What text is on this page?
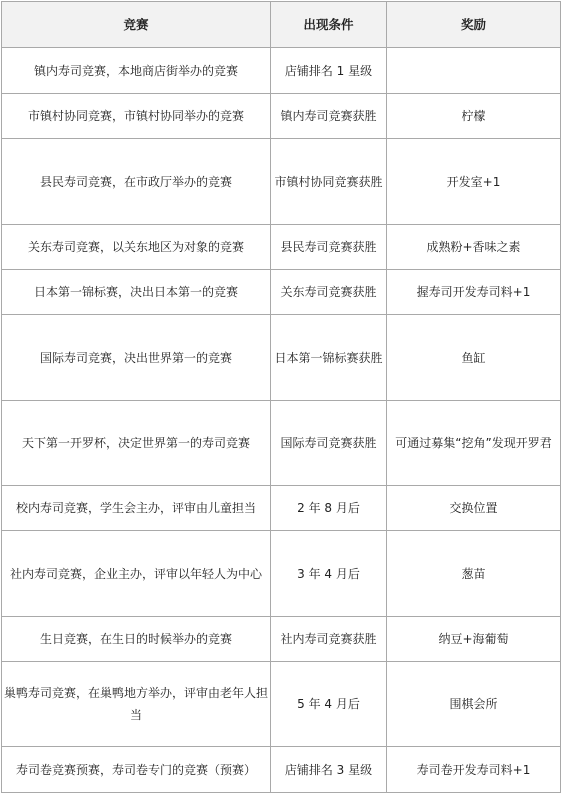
竞赛	出现条件	奖励
镇内寿司竞赛，本地商店街举办的竞赛	店铺排名 1 星级	
市镇村协同竞赛，市镇村协同举办的竞赛	镇内寿司竞赛获胜	柠檬
县民寿司竞赛，在市政厅举办的竞赛	市镇村协同竞赛获胜	开发室+1
关东寿司竞赛，以关东地区为对象的竞赛	县民寿司竞赛获胜	成熟粉+香味之素
日本第一锦标赛，决出日本第一的竞赛	关东寿司竞赛获胜	握寿司开发寿司料+1
国际寿司竞赛，决出世界第一的竞赛	日本第一锦标赛获胜	鱼缸
天下第一开罗杯，决定世界第一的寿司竞赛	国际寿司竞赛获胜	可通过募集“挖角”发现开罗君
校内寿司竞赛，学生会主办，评审由儿童担当	2 年 8 月后	交换位置
社内寿司竞赛，企业主办，评审以年轻人为中心	3 年 4 月后	葱苗
生日竞赛，在生日的时候举办的竞赛	社内寿司竞赛获胜	纳豆+海葡萄
巢鸭寿司竞赛，在巢鸭地方举办，评审由老年人担当	5 年 4 月后	围棋会所
寿司卷竞赛预赛，寿司卷专门的竞赛（预赛）	店铺排名 3 星级	寿司卷开发寿司料+1
